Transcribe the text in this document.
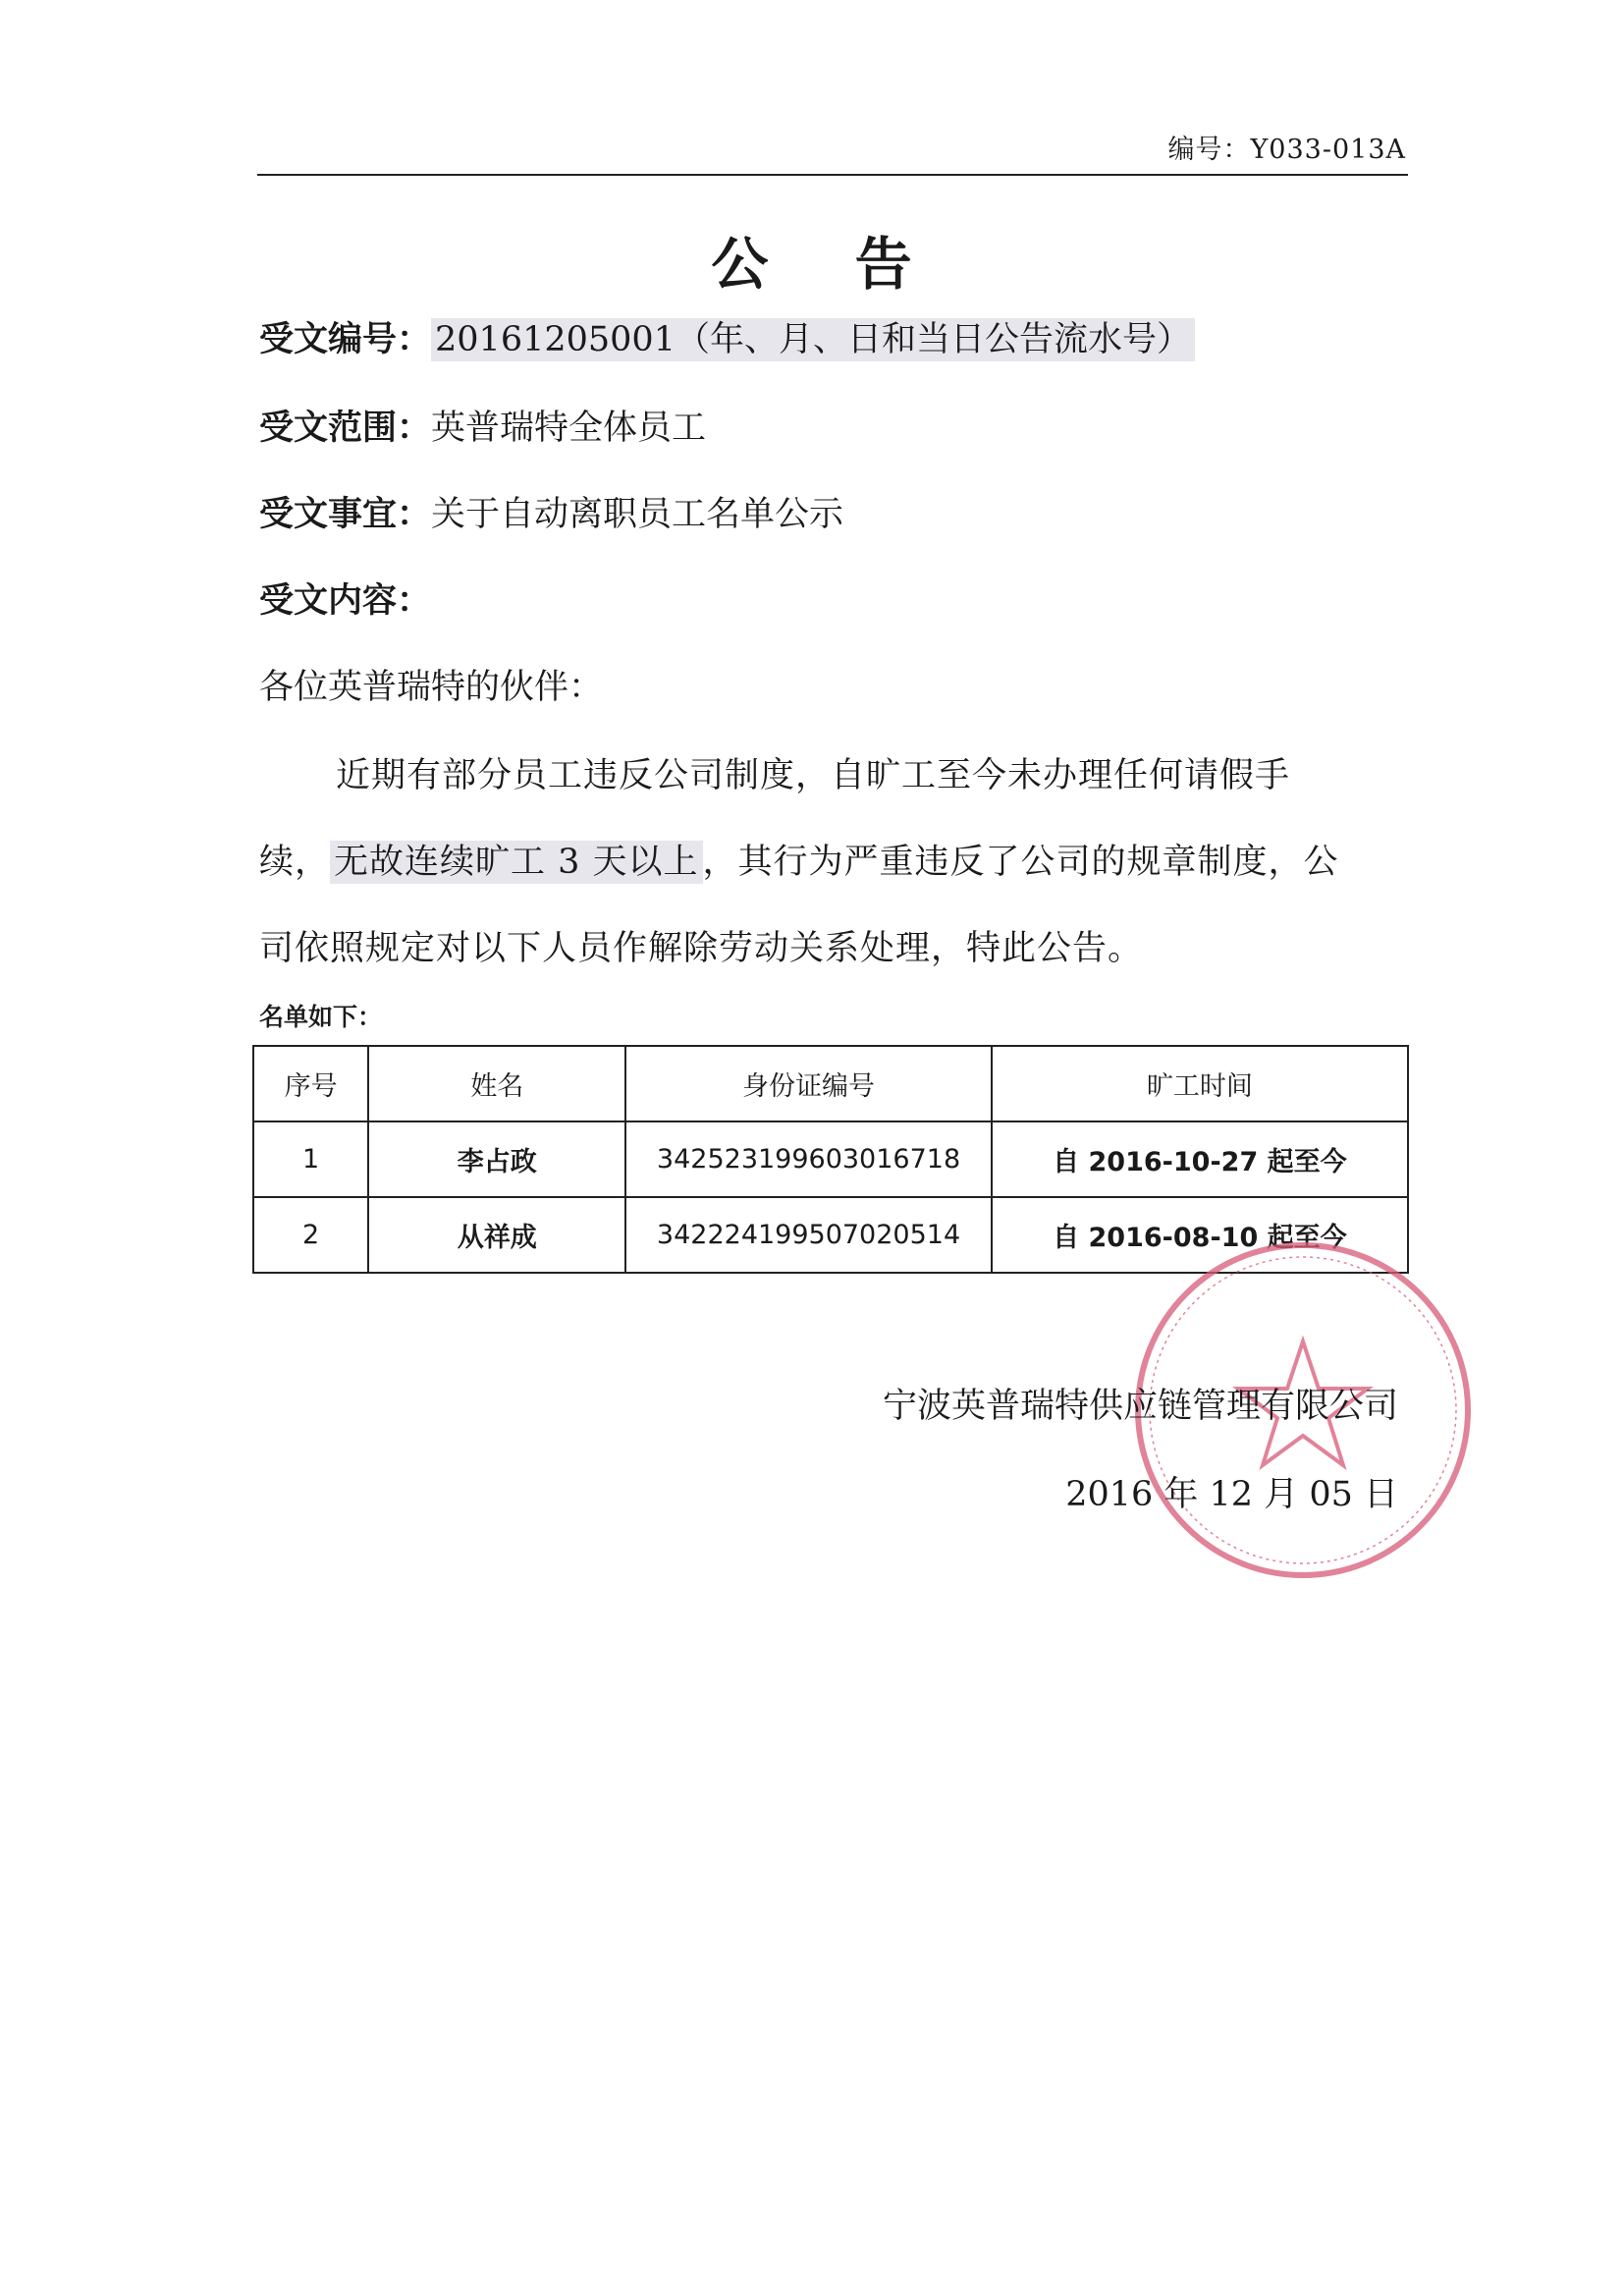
编号：Y033-013A
公 告
受文编号： 20161205001（年、月、日和当日公告流水号）
受文范围：英普瑞特全体员工
受文事宜：关于自动离职员工名单公示
受文内容：
各位英普瑞特的伙伴：
近期有部分员工违反公司制度，自旷工至今未办理任何请假手
续， 无故连续旷工 3 天以上 ，其行为严重违反了公司的规章制度，公
司依照规定对以下人员作解除劳动关系处理，特此公告。
名单如下：
序号	姓名	身份证编号	旷工时间
1	李占政	342523199603016718	自 2016-10-27 起至今
2	从祥成	342224199507020514	自 2016-08-10 起至今
宁波英普瑞特供应链管理有限公司
2016 年 12 月 05 日
